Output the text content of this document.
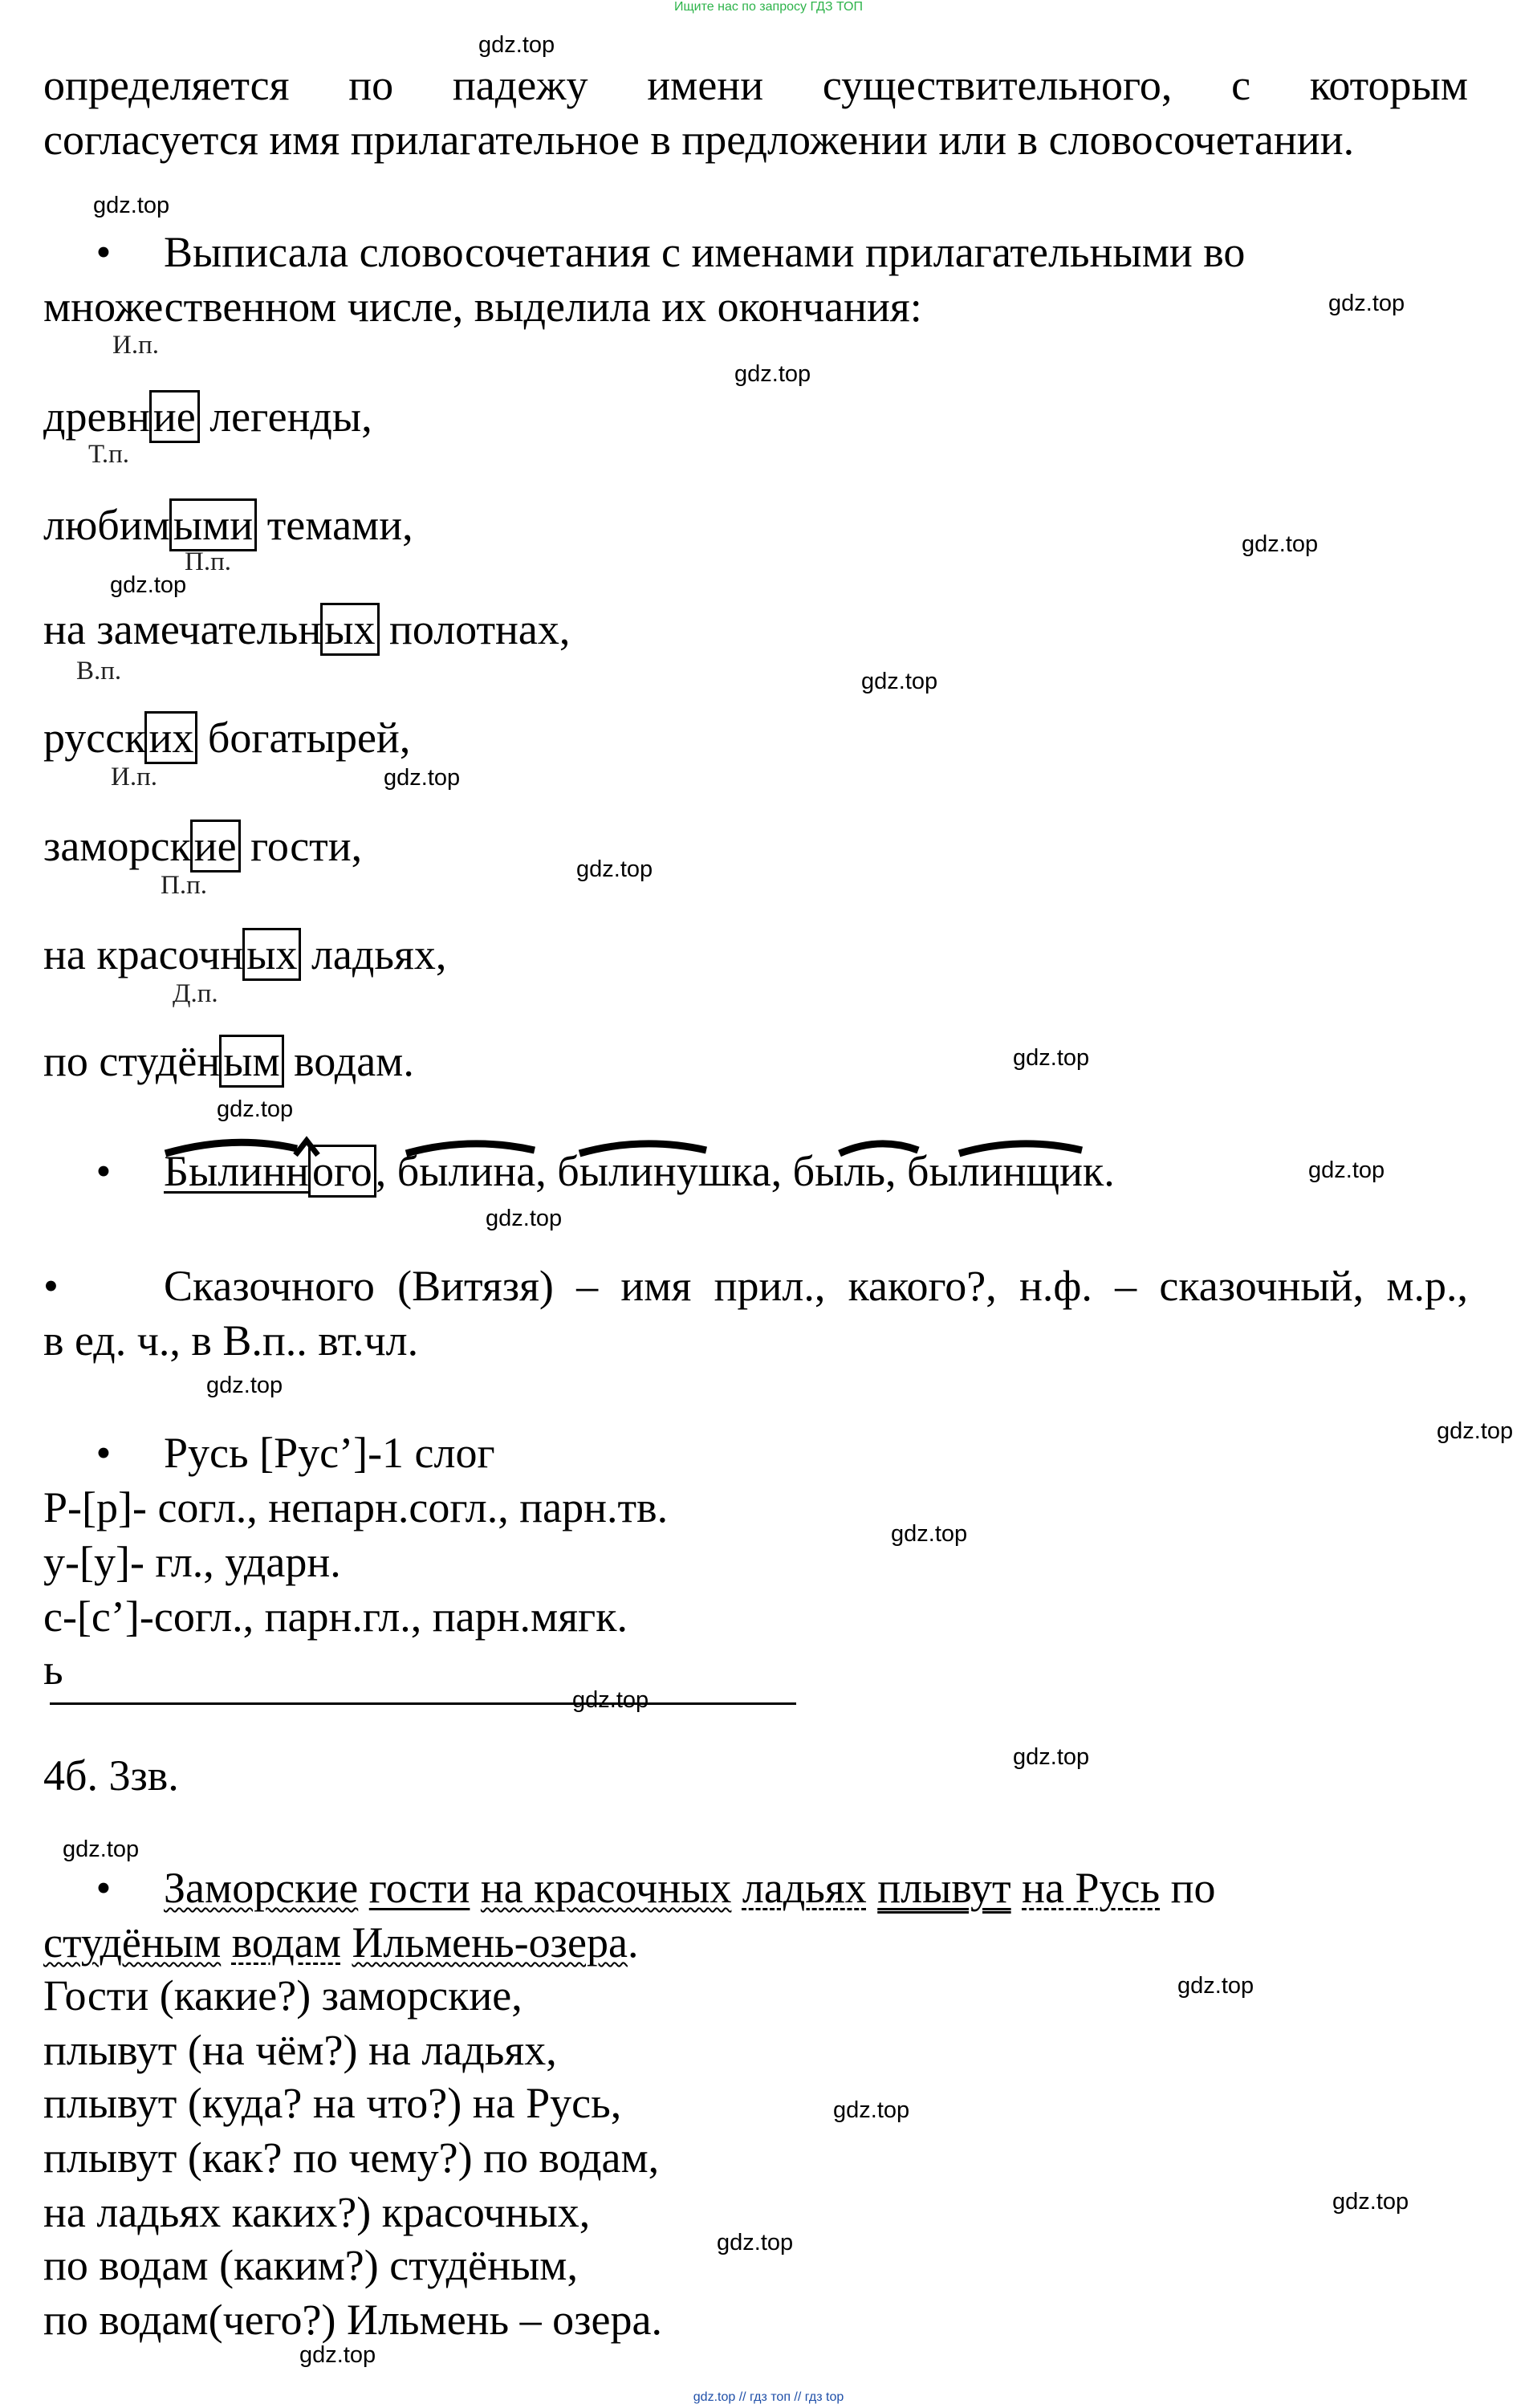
Ищите нас по запросу ГДЗ ТОП
определяется по падежу имени существительного, с которым
согласуется имя прилагательное в предложении или в словосочетании.
• Выписала словосочетания с именами прилагательными во
множественном числе, выделила их окончания:
И.п.
древние легенды,
Т.п.
любимыми темами,
П.п.
на замечательных полотнах,
В.п.
русских богатырей,
И.п.
заморские гости,
П.п.
на красочных ладьях,
Д.п.
по студёным водам.
• Былинного, былина, былинушка, быль, былинщик.
• Сказочного (Витязя) – имя прил., какого?, н.ф. – сказочный, м.р.,
в ед. ч., в В.п.. вт.чл.
• Русь [Рус’]-1 слог
Р-[р]- согл., непарн.согл., парн.тв.
у-[у]- гл., ударн.
с-[с’]-согл., парн.гл., парн.мягк.
ь
4б. 3зв.
• Заморские гости на красочных ладьях плывут на Русь по
студёным водам Ильмень-озера.
Гости (какие?) заморские,
плывут (на чём?) на ладьях,
плывут (куда? на что?) на Русь,
плывут (как? по чему?) по водам,
на ладьях каких?) красочных,
по водам (каким?) студёным,
по водам(чего?) Ильмень – озера.
gdz.top
gdz.top
gdz.top
gdz.top
gdz.top
gdz.top
gdz.top
gdz.top
gdz.top
gdz.top
gdz.top
gdz.top
gdz.top
gdz.top
gdz.top
gdz.top
gdz.top
gdz.top
gdz.top
gdz.top
gdz.top
gdz.top
gdz.top
gdz.top
gdz.top // гдз топ // гдз top
